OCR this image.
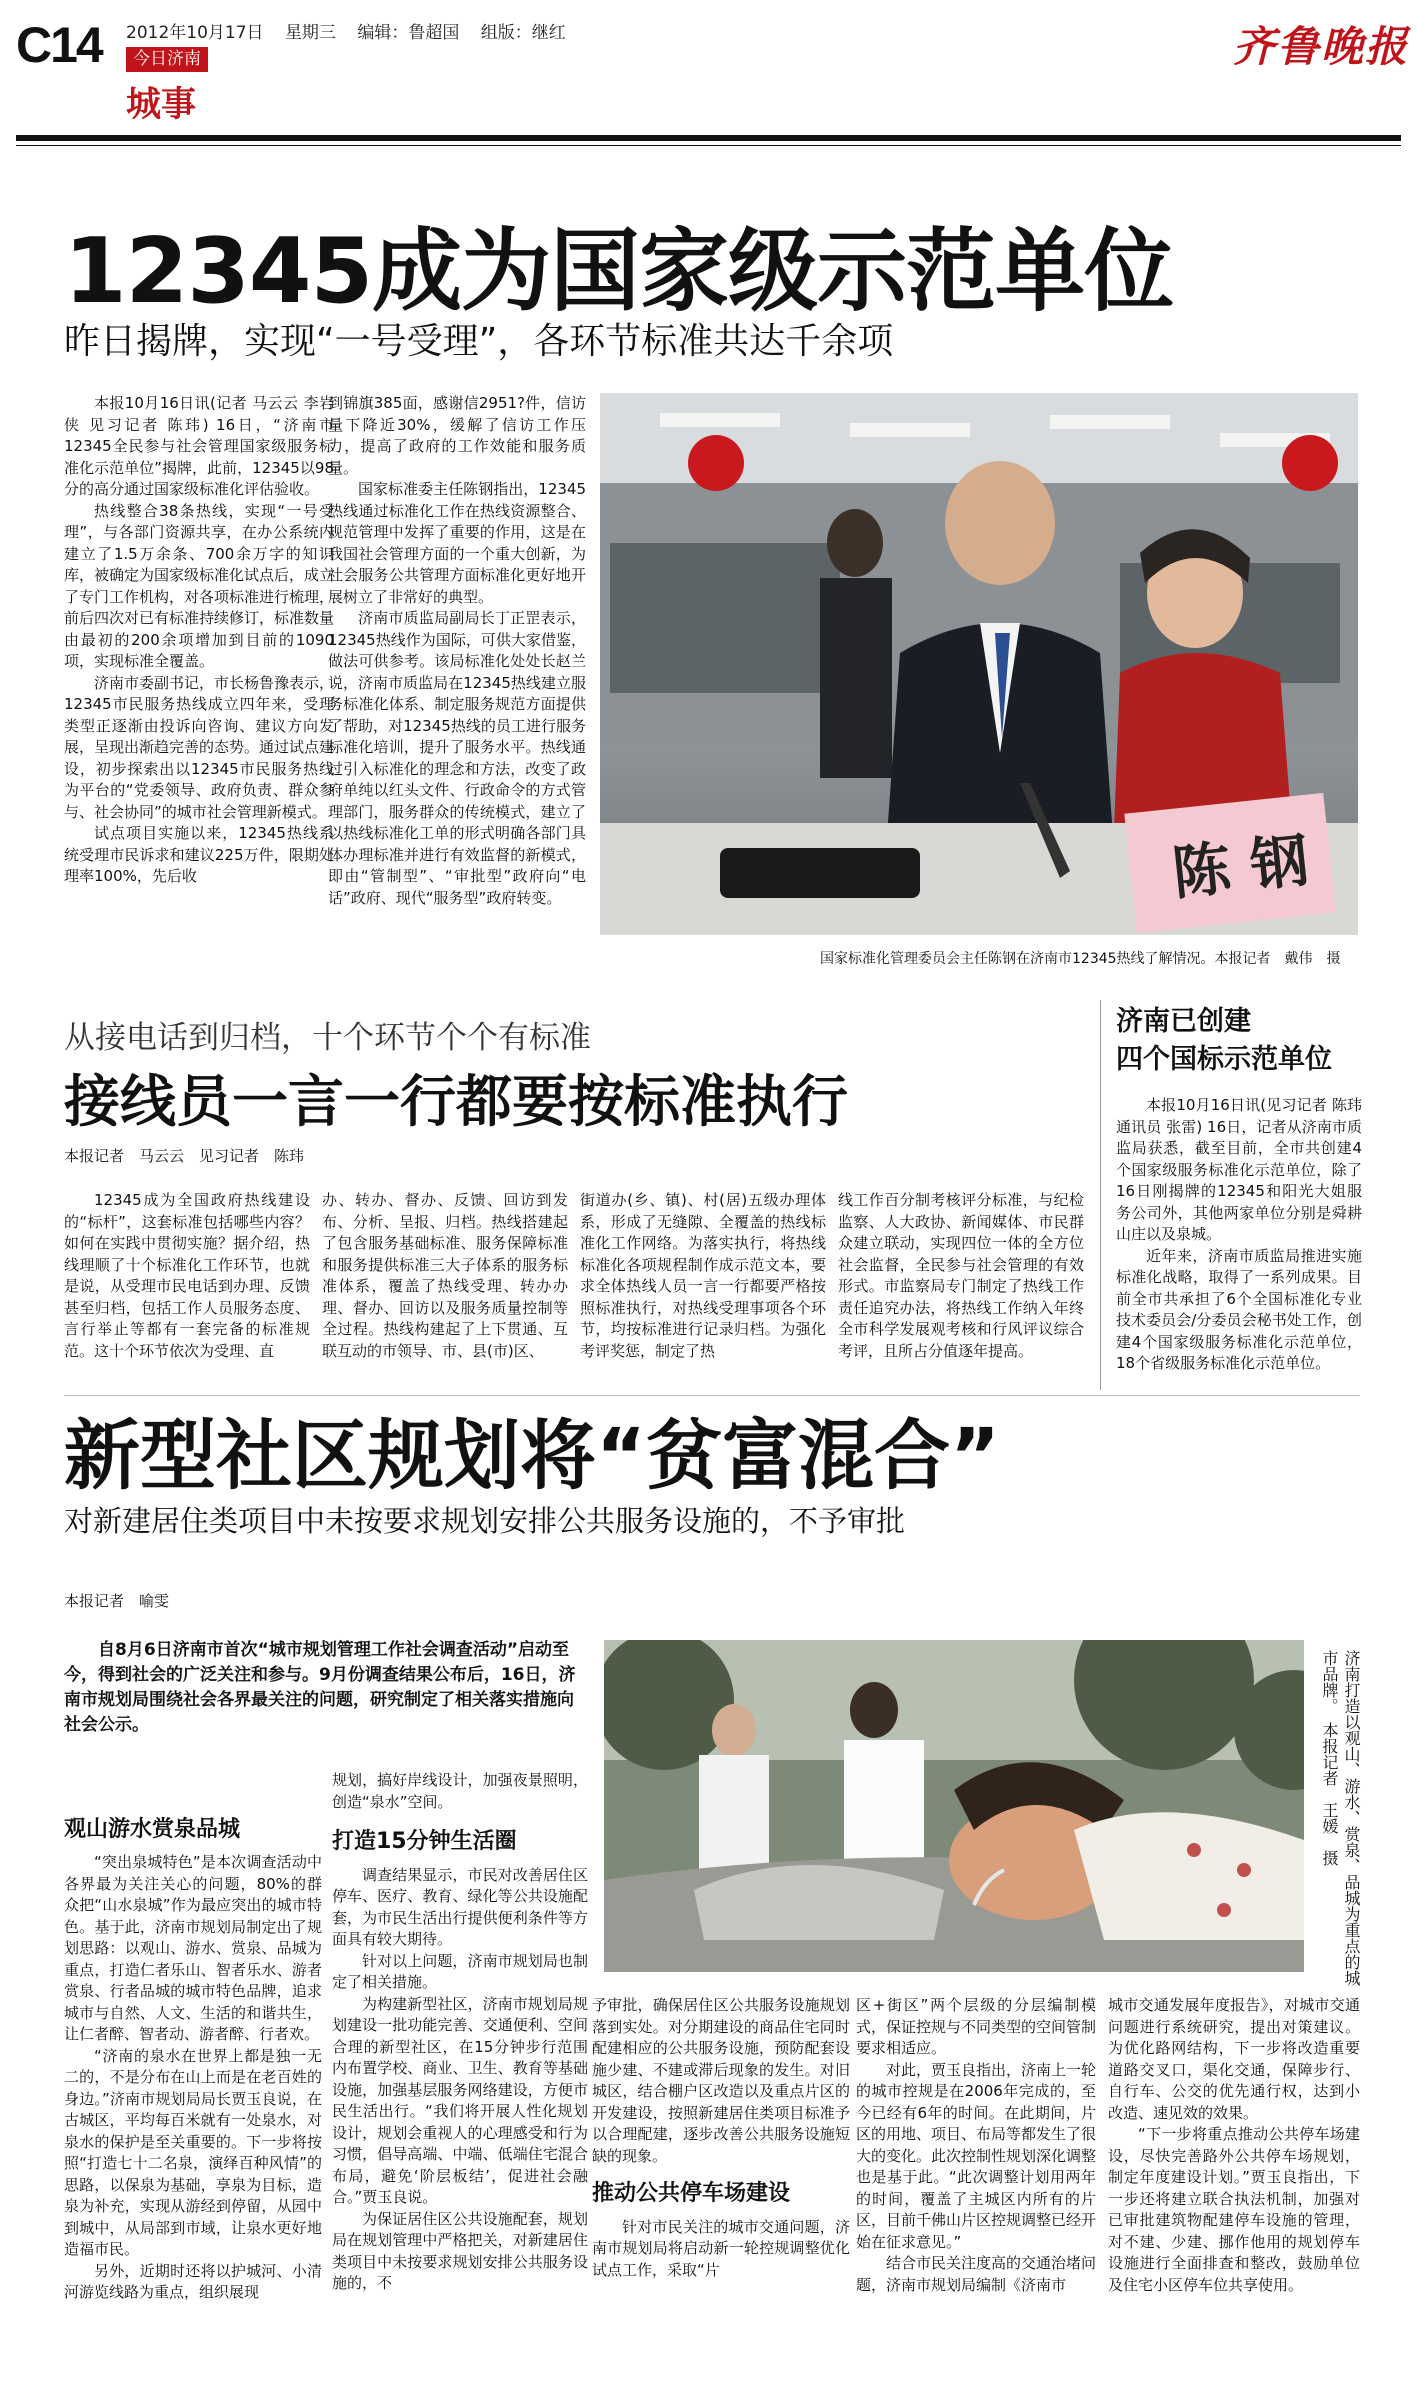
C14 2012年10月17日 星期三 编辑：鲁超国 组版：继红
今日济南
城事
齐鲁晚报
12345成为国家级示范单位
昨日揭牌，实现“一号受理”，各环节标准共达千余项

本报10月16日讯(记者 马云云 李岩侠 见习记者 陈玮) 16日，“济南市12345全民参与社会管理国家级服务标准化示范单位”揭牌，此前，12345以98分的高分通过国家级标准化评估验收。

热线整合38条热线，实现“一号受理”，与各部门资源共享，在办公系统内建立了1.5万余条、700余万字的知识库，被确定为国家级标准化试点后，成立了专门工作机构，对各项标准进行梳理，前后四次对已有标准持续修订，标准数量由最初的200余项增加到目前的1090项，实现标准全覆盖。

济南市委副书记，市长杨鲁豫表示，12345市民服务热线成立四年来，受理类型正逐渐由投诉向咨询、建议方向发展，呈现出渐趋完善的态势。通过试点建设，初步探索出以12345市民服务热线为平台的“党委领导、政府负责、群众参与、社会协同”的城市社会管理新模式。

试点项目实施以来，12345热线系统受理市民诉求和建议225万件，限期处理率100%，先后收

到锦旗385面，感谢信2951?件，信访量下降近30%，缓解了信访工作压力，提高了政府的工作效能和服务质量。

国家标准委主任陈钢指出，12345热线通过标准化工作在热线资源整合、规范管理中发挥了重要的作用，这是在我国社会管理方面的一个重大创新，为社会服务公共管理方面标准化更好地开展树立了非常好的典型。

济南市质监局副局长丁正罡表示，12345热线作为国际，可供大家借鉴，做法可供参考。该局标准化处处长赵兰说，济南市质监局在12345热线建立服务标准化体系、制定服务规范方面提供了帮助，对12345热线的员工进行服务标准化培训，提升了服务水平。热线通过引入标准化的理念和方法，改变了政府单纯以红头文件、行政命令的方式管理部门，服务群众的传统模式，建立了以热线标准化工单的形式明确各部门具体办理标准并进行有效监督的新模式，即由“管制型”、“审批型”政府向“电话”政府、现代“服务型”政府转变。	陈 钢
国家标准化管理委员会主任陈钢在济南市12345热线了解情况。本报记者　戴伟　摄
从接电话到归档，十个环节个个有标准
接线员一言一行都要按标准执行
本报记者　马云云　见习记者　陈玮

12345成为全国政府热线建设的“标杆”，这套标准包括哪些内容？如何在实践中贯彻实施？据介绍，热线理顺了十个标准化工作环节，也就是说，从受理市民电话到办理、反馈甚至归档，包括工作人员服务态度、言行举止等都有一套完备的标准规范。这十个环节依次为受理、直

办、转办、督办、反馈、回访到发布、分析、呈报、归档。热线搭建起了包含服务基础标准、服务保障标准和服务提供标准三大子体系的服务标准体系，覆盖了热线受理、转办办理、督办、回访以及服务质量控制等全过程。热线构建起了上下贯通、互联互动的市领导、市、县(市)区、

街道办(乡、镇)、村(居)五级办理体系，形成了无缝隙、全覆盖的热线标准化工作网络。为落实执行，将热线标准化各项规程制作成示范文本，要求全体热线人员一言一行都要严格按照标准执行，对热线受理事项各个环节，均按标准进行记录归档。为强化考评奖惩，制定了热

线工作百分制考核评分标准，与纪检监察、人大政协、新闻媒体、市民群众建立联动，实现四位一体的全方位社会监督，全民参与社会管理的有效形式。市监察局专门制定了热线工作责任追究办法，将热线工作纳入年终全市科学发展观考核和行风评议综合考评，且所占分值逐年提高。

济南已创建
四个国标示范单位

本报10月16日讯(见习记者 陈玮 通讯员 张雷) 16日，记者从济南市质监局获悉，截至目前，全市共创建4个国家级服务标准化示范单位，除了16日刚揭牌的12345和阳光大姐服务公司外，其他两家单位分别是舜耕山庄以及泉城。

近年来，济南市质监局推进实施标准化战略，取得了一系列成果。目前全市共承担了6个全国标准化专业技术委员会/分委员会秘书处工作，创建4个国家级服务标准化示范单位，18个省级服务标准化示范单位。

新型社区规划将“贫富混合”
对新建居住类项目中未按要求规划安排公共服务设施的，不予审批
本报记者　喻雯
自8月6日济南市首次“城市规划管理工作社会调查活动”启动至今，得到社会的广泛关注和参与。9月份调查结果公布后，16日，济南市规划局围绕社会各界最关注的问题，研究制定了相关落实措施向社会公示。	济南打造以观山、游水、赏泉、品城为重点的城市品牌。　本报记者　王媛　摄
观山游水赏泉品城

“突出泉城特色”是本次调查活动中各界最为关注关心的问题，80%的群众把“山水泉城”作为最应突出的城市特色。基于此，济南市规划局制定出了规划思路：以观山、游水、赏泉、品城为重点，打造仁者乐山、智者乐水、游者赏泉、行者品城的城市特色品牌，追求城市与自然、人文、生活的和谐共生，让仁者醉、智者动、游者醉、行者欢。

“济南的泉水在世界上都是独一无二的，不是分布在山上而是在老百姓的身边。”济南市规划局局长贾玉良说，在古城区，平均每百米就有一处泉水，对泉水的保护是至关重要的。下一步将按照“打造七十二名泉，演绎百种风情”的思路，以保泉为基础，享泉为目标，造泉为补充，实现从游经到停留，从园中到城中，从局部到市域，让泉水更好地造福市民。

另外，近期时还将以护城河、小清河游览线路为重点，组织展现

规划，搞好岸线设计，加强夜景照明，创造“泉水”空间。

打造15分钟生活圈

调查结果显示，市民对改善居住区停车、医疗、教育、绿化等公共设施配套，为市民生活出行提供便利条件等方面具有较大期待。

针对以上问题，济南市规划局也制定了相关措施。

为构建新型社区，济南市规划局规划建设一批功能完善、交通便利、空间合理的新型社区，在15分钟步行范围内布置学校、商业、卫生、教育等基础设施，加强基层服务网络建设，方便市民生活出行。“我们将开展人性化规划设计，规划会重视人的心理感受和行为习惯，倡导高端、中端、低端住宅混合布局，避免‘阶层板结’，促进社会融合。”贾玉良说。

为保证居住区公共设施配套，规划局在规划管理中严格把关，对新建居住类项目中未按要求规划安排公共服务设施的，不

予审批，确保居住区公共服务设施规划落到实处。对分期建设的商品住宅同时配建相应的公共服务设施，预防配套设施少建、不建或滞后现象的发生。对旧城区，结合棚户区改造以及重点片区的开发建设，按照新建居住类项目标准予以合理配建，逐步改善公共服务设施短缺的现象。

推动公共停车场建设

针对市民关注的城市交通问题，济南市规划局将启动新一轮控规调整优化试点工作，采取“片

区+街区”两个层级的分层编制模式，保证控规与不同类型的空间管制要求相适应。

对此，贾玉良指出，济南上一轮的城市控规是在2006年完成的，至今已经有6年的时间。在此期间，片区的用地、项目、布局等都发生了很大的变化。此次控制性规划深化调整也是基于此。“此次调整计划用两年的时间，覆盖了主城区内所有的片区，目前千佛山片区控规调整已经开始在征求意见。”

结合市民关注度高的交通治堵问题，济南市规划局编制《济南市

城市交通发展年度报告》，对城市交通问题进行系统研究，提出对策建议。为优化路网结构，下一步将改造重要道路交叉口，渠化交通，保障步行、自行车、公交的优先通行权，达到小改造、速见效的效果。

“下一步将重点推动公共停车场建设，尽快完善路外公共停车场规划，制定年度建设计划。”贾玉良指出，下一步还将建立联合执法机制，加强对已审批建筑物配建停车设施的管理，对不建、少建、挪作他用的规划停车设施进行全面排查和整改，鼓励单位及住宅小区停车位共享使用。
